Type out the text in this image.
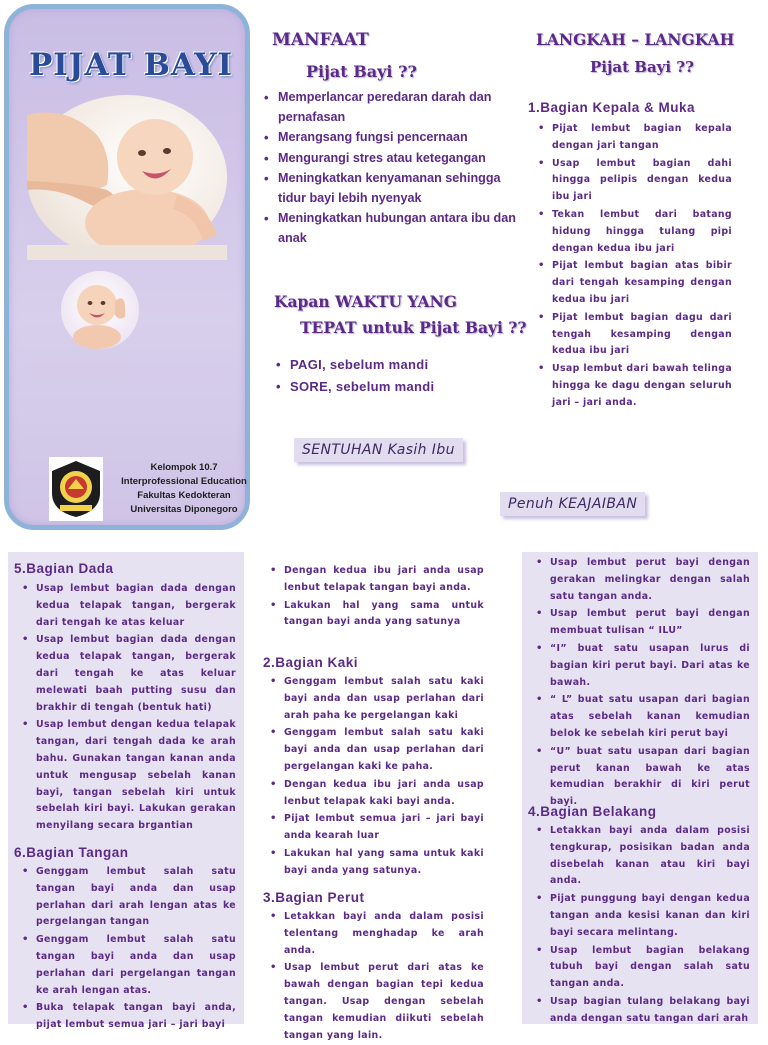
PIJAT BAYI
Kelompok 10.7
Interprofessional Education
Fakultas Kedokteran
Universitas Diponegoro
MANFAAT
Pijat Bayi ??
• Memperlancar peredaran darah dan pernafasan
• Merangsang fungsi pencernaan
• Mengurangi stres atau ketegangan
• Meningkatkan kenyamanan sehingga tidur bayi lebih nyenyak
• Meningkatkan hubungan antara ibu dan anak
Kapan WAKTU YANG
TEPAT untuk Pijat Bayi ??
• PAGI, sebelum mandi
• SORE, sebelum mandi
SENTUHAN Kasih Ibu
Penuh KEAJAIBAN
LANGKAH – LANGKAH
Pijat Bayi ??
1.Bagian Kepala & Muka
• Pijat lembut bagian kepala dengan jari tangan
• Usap lembut bagian dahi hingga pelipis dengan kedua ibu jari
• Tekan lembut dari batang hidung hingga tulang pipi dengan kedua ibu jari
• Pijat lembut bagian atas bibir dari tengah kesamping dengan kedua ibu jari
• Pijat lembut bagian dagu dari tengah kesamping dengan kedua ibu jari
• Usap lembut dari bawah telinga hingga ke dagu dengan seluruh jari – jari anda.
5.Bagian Dada
• Usap lembut bagian dada dengan kedua telapak tangan, bergerak dari tengah ke atas keluar
• Usap lembut bagian dada dengan kedua telapak tangan, bergerak dari tengah ke atas keluar melewati baah putting susu dan brakhir di tengah (bentuk hati)
• Usap lembut dengan kedua telapak tangan, dari tengah dada ke arah bahu. Gunakan tangan kanan anda untuk mengusap sebelah kanan bayi, tangan sebelah kiri untuk sebelah kiri bayi. Lakukan gerakan menyilang secara brgantian
6.Bagian Tangan
• Genggam lembut salah satu tangan bayi anda dan usap perlahan dari arah lengan atas ke pergelangan tangan
• Genggam lembut salah satu tangan bayi anda dan usap perlahan dari pergelangan tangan ke arah lengan atas.
• Buka telapak tangan bayi anda, pijat lembut semua jari – jari bayi
• Dengan kedua ibu jari anda usap lenbut telapak tangan bayi anda.
• Lakukan hal yang sama untuk tangan bayi anda yang satunya
2.Bagian Kaki
• Genggam lembut salah satu kaki bayi anda dan usap perlahan dari arah paha ke pergelangan kaki
• Genggam lembut salah satu kaki bayi anda dan usap perlahan dari pergelangan kaki ke paha.
• Dengan kedua ibu jari anda usap lenbut telapak kaki bayi anda.
• Pijat lembut semua jari – jari bayi anda kearah luar
• Lakukan hal yang sama untuk kaki bayi anda yang satunya.
3.Bagian Perut
• Letakkan bayi anda dalam posisi telentang menghadap ke arah anda.
• Usap lembut perut dari atas ke bawah dengan bagian tepi kedua tangan. Usap dengan sebelah tangan kemudian diikuti sebelah tangan yang lain.
• Usap lembut perut bayi dengan gerakan melingkar dengan salah satu tangan anda.
• Usap lembut perut bayi dengan membuat tulisan “ ILU”
• “I” buat satu usapan lurus di bagian kiri perut bayi. Dari atas ke bawah.
• “ L” buat satu usapan dari bagian atas sebelah kanan kemudian belok ke sebelah kiri perut bayi
• “U” buat satu usapan dari bagian perut kanan bawah ke atas kemudian berakhir di kiri perut bayi.
4.Bagian Belakang
• Letakkan bayi anda dalam posisi tengkurap, posisikan badan anda disebelah kanan atau kiri bayi anda.
• Pijat punggung bayi dengan kedua tangan anda kesisi kanan dan kiri bayi secara melintang.
• Usap lembut bagian belakang tubuh bayi dengan salah satu tangan anda.
• Usap bagian tulang belakang bayi anda dengan satu tangan dari arah
